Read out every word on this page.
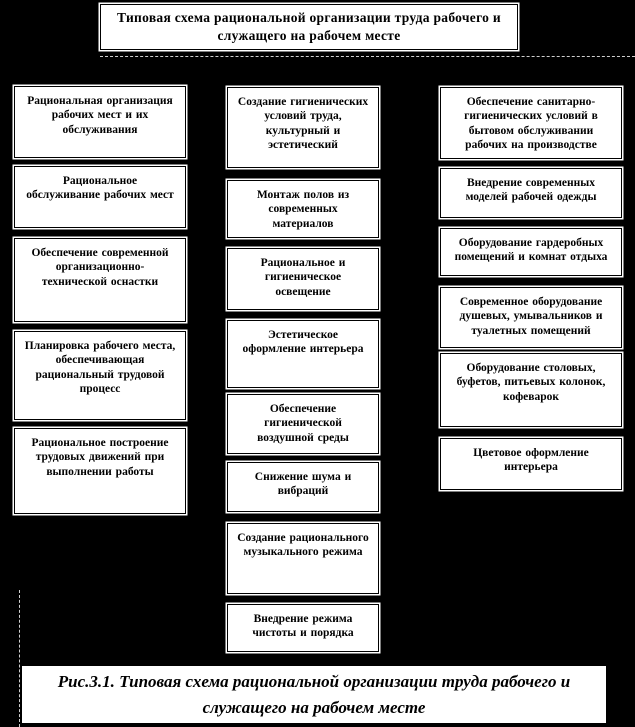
Типовая схема рациональной организации труда рабочего и служащего на рабочем месте
Рациональная организация рабочих мест и их обслуживания
Рациональное обслуживание рабочих мест
Обеспечение современной организационно-технической оснастки
Планировка рабочего места, обеспечивающая рациональный трудовой процесс
Рациональное построение трудовых движений при выполнении работы
Создание гигиенических условий труда, культурный и эстетический
Монтаж полов из современных материалов
Рациональное и гигиеническое освещение
Эстетическое оформление интерьера
Обеспечение гигиенической воздушной среды
Снижение шума и вибраций
Создание рационального музыкального режима
Внедрение режима чистоты и порядка
Обеспечение санитарно-гигиенических условий в бытовом обслуживании рабочих на производстве
Внедрение современных моделей рабочей одежды
Оборудование гардеробных помещений и комнат отдыха
Современное оборудование душевых, умывальников и туалетных помещений
Оборудование столовых, буфетов, питьевых колонок, кофеварок
Цветовое оформление интерьера
Рис.3.1. Типовая схема рациональной организации труда рабочего и служащего на рабочем месте
